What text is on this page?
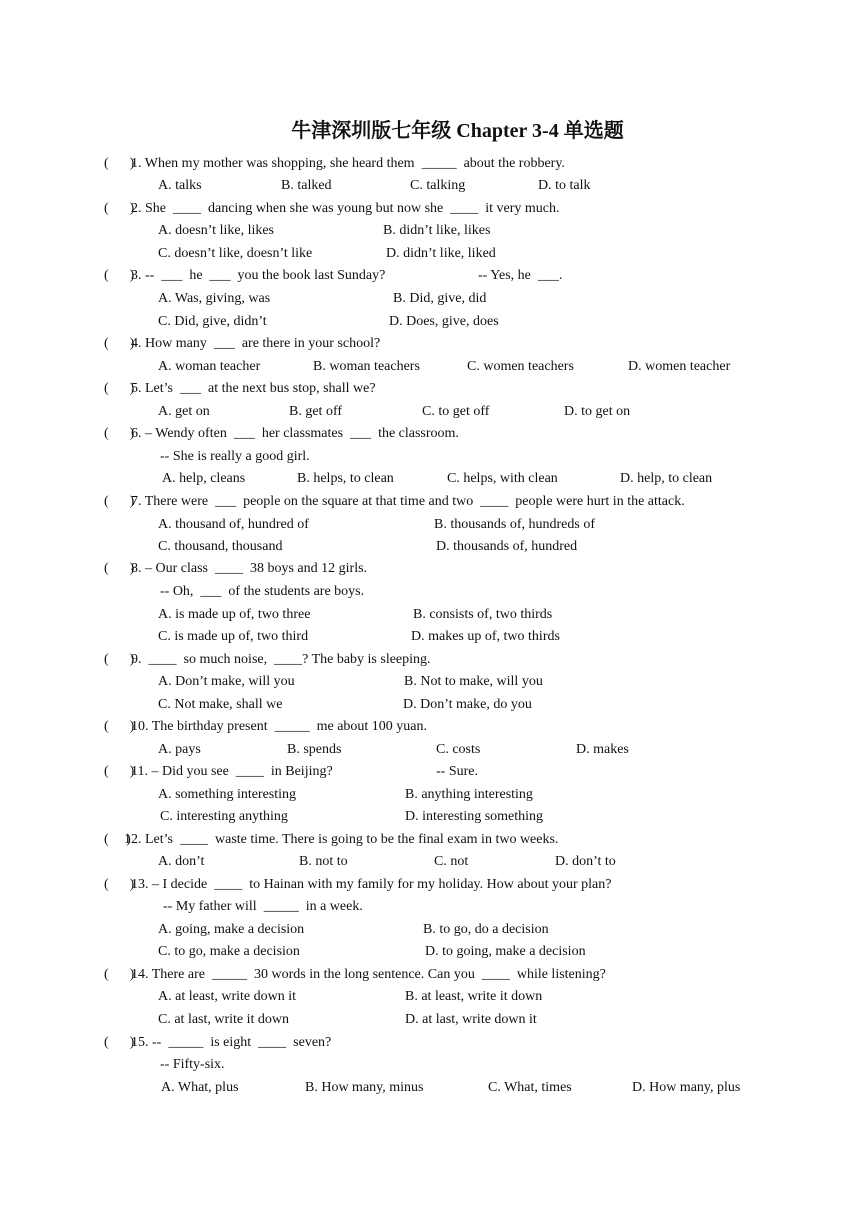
牛津深圳版七年级 Chapter 3-4 单选题
(      )
1. When my mother was shopping, she heard them  _____  about the robbery.
A. talks	B. talked	C. talking	D. to talk
(      )
2. She  ____  dancing when she was young but now she  ____  it very much.
A. doesn’t like, likes	B. didn’t like, likes
C. doesn’t like, doesn’t like	D. didn’t like, liked
(      )
3. --  ___  he  ___  you the book last Sunday?	-- Yes, he  ___.
A. Was, giving, was	B. Did, give, did
C. Did, give, didn’t	D. Does, give, does
(      )
4. How many  ___  are there in your school?
A. woman teacher	B. woman teachers	C. women teachers	D. women teacher
(      )
5. Let’s  ___  at the next bus stop, shall we?
A. get on	B. get off	C. to get off	D. to get on
(      )
6. – Wendy often  ___  her classmates  ___  the classroom.
-- She is really a good girl.
A. help, cleans	B. helps, to clean	C. helps, with clean	D. help, to clean
(      )
7. There were  ___  people on the square at that time and two  ____  people were hurt in the attack.
A. thousand of, hundred of	B. thousands of, hundreds of
C. thousand, thousand	D. thousands of, hundred
(      )
8. – Our class  ____  38 boys and 12 girls.
-- Oh,  ___  of the students are boys.
A. is made up of, two three	B. consists of, two thirds
C. is made up of, two third	D. makes up of, two thirds
(      )
9.  ____  so much noise,  ____? The baby is sleeping.
A. Don’t make, will you	B. Not to make, will you
C. Not make, shall we	D. Don’t make, do you
(      )
10. The birthday present  _____  me about 100 yuan.
A. pays	B. spends	C. costs	D. makes
(      )
11. – Did you see  ____  in Beijing?	-- Sure.
A. something interesting	B. anything interesting
C. interesting anything	D. interesting something
(     )
12. Let’s  ____  waste time. There is going to be the final exam in two weeks.
A. don’t	B. not to	C. not	D. don’t to
(      )
13. – I decide  ____  to Hainan with my family for my holiday. How about your plan?
-- My father will  _____  in a week.
A. going, make a decision	B. to go, do a decision
C. to go, make a decision	D. to going, make a decision
(      )
14. There are  _____  30 words in the long sentence. Can you  ____  while listening?
A. at least, write down it	B. at least, write it down
C. at last, write it down	D. at last, write down it
(      )
15. --  _____  is eight  ____  seven?
-- Fifty-six.
A. What, plus	B. How many, minus	C. What, times	D. How many, plus
